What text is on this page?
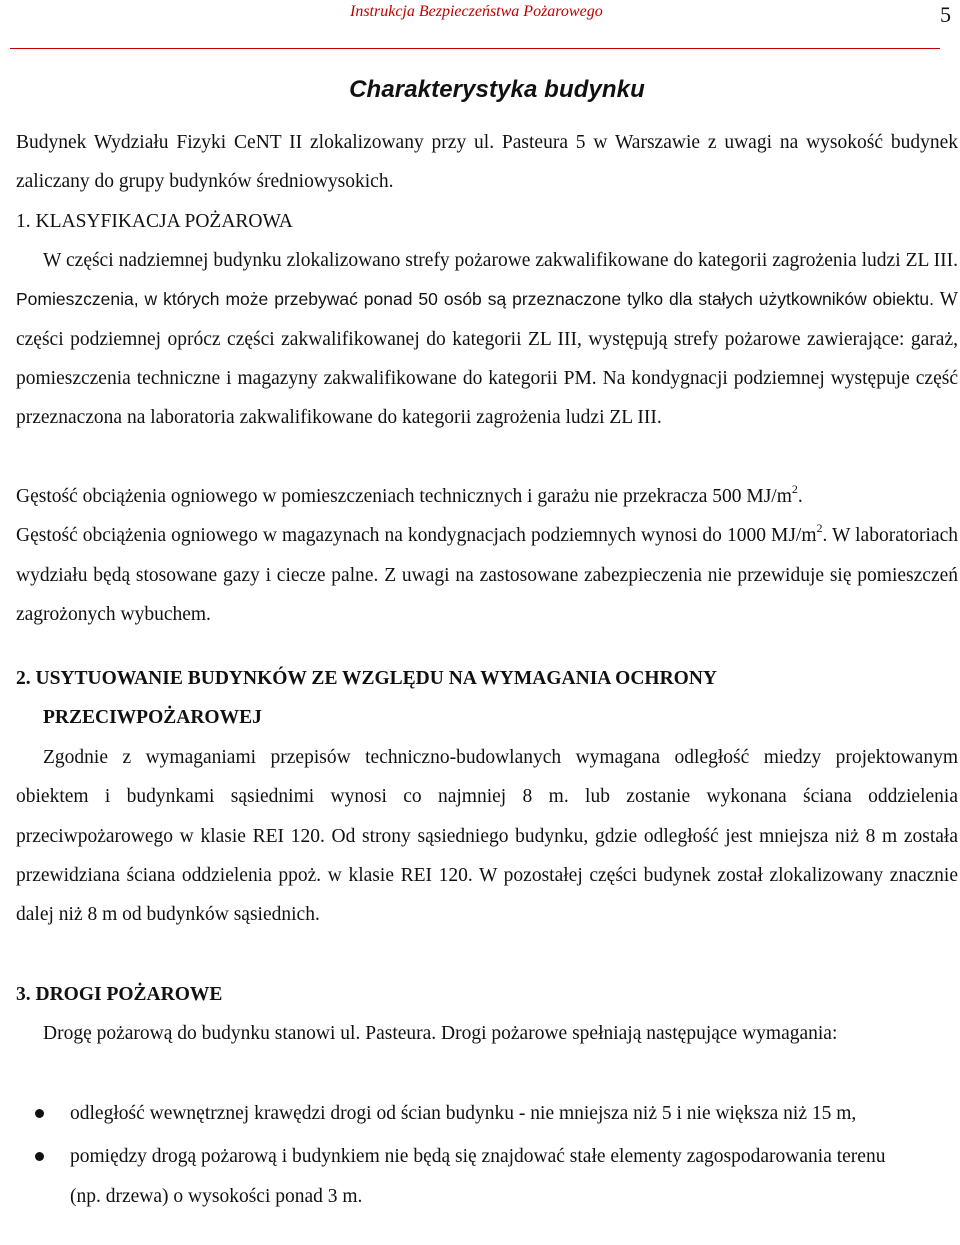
Instrukcja Bezpieczeństwa Pożarowego	5
Charakterystyka budynku

Budynek Wydziału Fizyki CeNT II zlokalizowany przy ul. Pasteura 5 w Warszawie z uwagi na wysokość budynek zaliczany do grupy budynków średniowysokich.

1. KLASYFIKACJA POŻAROWA

W części nadziemnej budynku zlokalizowano strefy pożarowe zakwalifikowane do kategorii zagrożenia ludzi ZL III. Pomieszczenia, w których może przebywać ponad 50 osób są przeznaczone tylko dla stałych użytkowników obiektu. W części podziemnej oprócz części zakwalifikowanej do kategorii ZL III, występują strefy pożarowe zawierające: garaż, pomieszczenia techniczne i magazyny zakwalifikowane do kategorii PM. Na kondygnacji podziemnej występuje część przeznaczona na laboratoria zakwalifikowane do kategorii zagrożenia ludzi ZL III.

Gęstość obciążenia ogniowego w pomieszczeniach technicznych i garażu nie przekracza 500 $MJ/m^2$.
Gęstość obciążenia ogniowego w magazynach na kondygnacjach podziemnych wynosi do 1000 $MJ/m^2$. W laboratoriach wydziału będą stosowane gazy i ciecze palne. Z uwagi na zastosowane zabezpieczenia nie przewiduje się pomieszczeń zagrożonych wybuchem.

2. USYTUOWANIE BUDYNKÓW ZE WZGLĘDU NA WYMAGANIA OCHRONY
PRZECIWPOŻAROWEJ

Zgodnie z wymaganiami przepisów techniczno-budowlanych wymagana odległość miedzy projektowanym obiektem i budynkami sąsiednimi wynosi co najmniej 8 m. lub zostanie wykonana ściana oddzielenia przeciwpożarowego w klasie REI 120. Od strony sąsiedniego budynku, gdzie odległość jest mniejsza niż 8 m została przewidziana ściana oddzielenia ppoż. w klasie REI 120. W pozostałej części budynek został zlokalizowany znacznie dalej niż 8 m od budynków sąsiednich.

3. DROGI POŻAROWE

Drogę pożarową do budynku stanowi ul. Pasteura. Drogi pożarowe spełniają następujące wymagania:

odległość wewnętrznej krawędzi drogi od ścian budynku - nie mniejsza niż 5 i nie większa niż 15 m,
pomiędzy drogą pożarową i budynkiem nie będą się znajdować stałe elementy zagospodarowania terenu (np. drzewa) o wysokości ponad 3 m.
